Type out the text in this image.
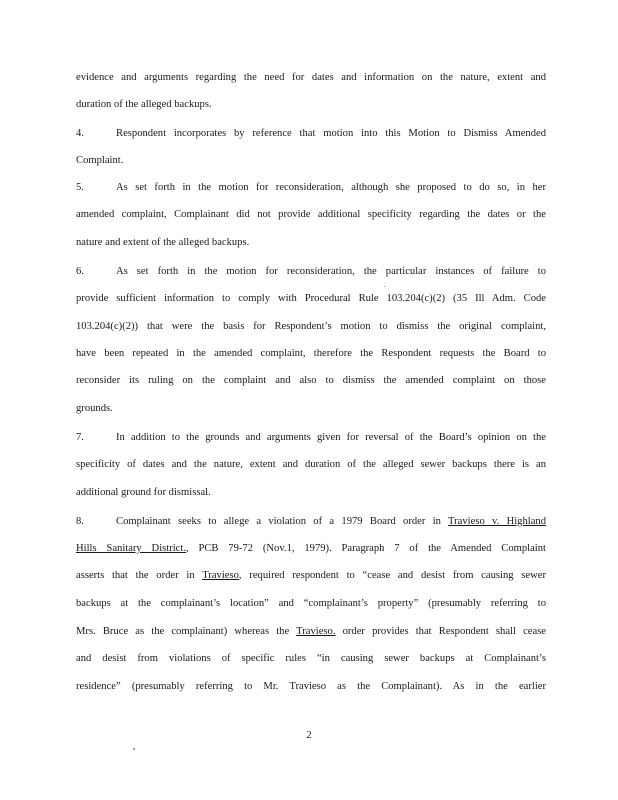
evidence and arguments regarding the need for dates and information on the nature, extent and
duration of the alleged backups.
4.	Respondent incorporates by reference that motion into this Motion to Dismiss Amended
Complaint.
5.	As set forth in the motion for reconsideration, although she proposed to do so, in her
amended complaint, Complainant did not provide additional specificity regarding the dates or the
nature and extent of the alleged backups.
6.	As set forth in the motion for reconsideration, the particular instances of failure to
provide sufficient information to comply with Procedural Rule 103.204(c)(2) (35 Ill Adm. Code
103.204(c)(2)) that were the basis for Respondent’s motion to dismiss the original complaint,
have been repeated in the amended complaint, therefore the Respondent requests the Board to
reconsider its ruling on the complaint and also to dismiss the amended complaint on those
grounds.
7.	In addition to the grounds and arguments given for reversal of the Board’s opinion on the
specificity of dates and the nature, extent and duration of the alleged sewer backups there is an
additional ground for dismissal.
8.	Complainant seeks to allege a violation of a 1979 Board order in Travieso v. Highland
Hills Sanitary District., PCB 79-72 (Nov.1, 1979). Paragraph 7 of the Amended Complaint
asserts that the order in Travieso, required respondent to “cease and desist from causing sewer
backups at the complainant’s location” and “complainant’s property” (presumably referring to
Mrs. Bruce as the complainant) whereas the Travieso. order provides that Respondent shall cease
and desist from violations of specific rules “in causing sewer backups at Complainant’s
residence” (presumably referring to Mr. Travieso as the Complainant). As in the earlier
2
